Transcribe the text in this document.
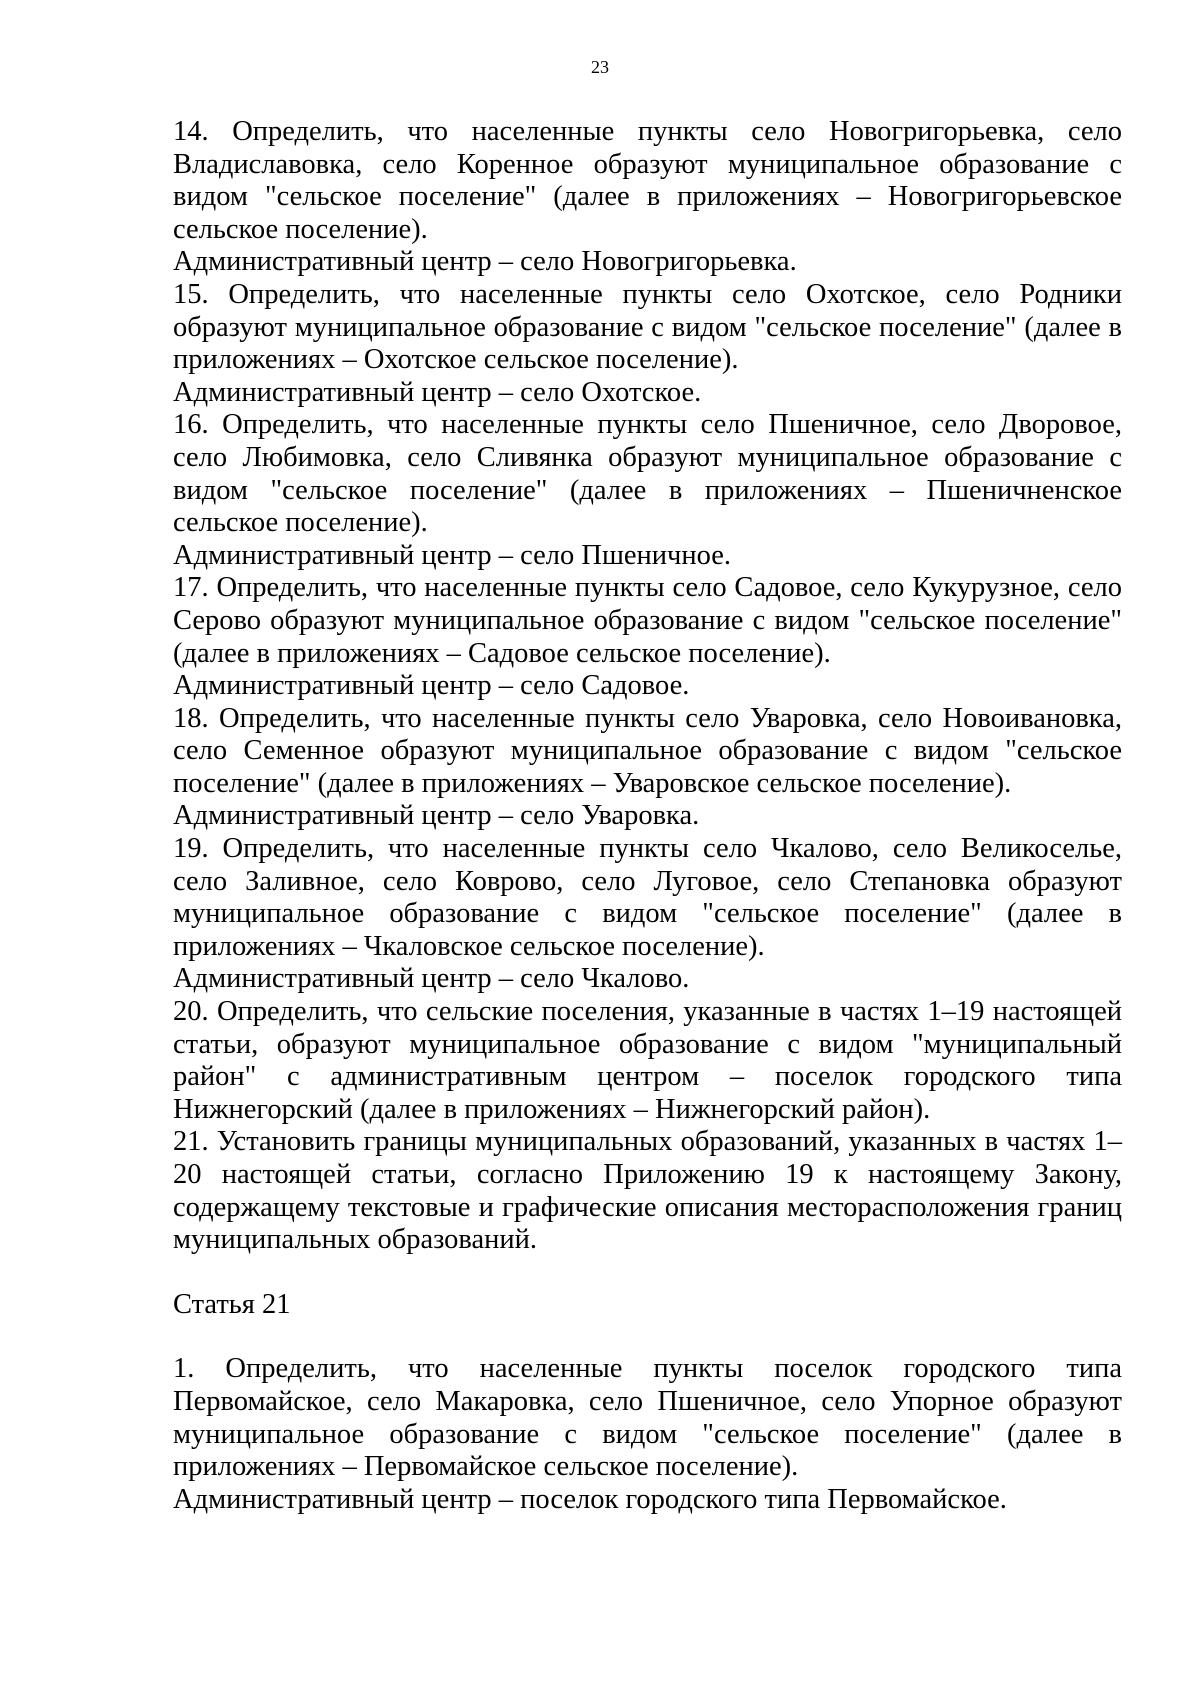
23

14. Определить, что населенные пункты село Новогригорьевка, село Владиславовка, село Коренное образуют муниципальное образование с видом "сельское поселение" (далее в приложениях – Новогригорьевское сельское поселение).

Административный центр – село Новогригорьевка.

15. Определить, что населенные пункты село Охотское, село Родники образуют муниципальное образование с видом "сельское поселение" (далее в приложениях – Охотское сельское поселение).

Административный центр – село Охотское.

16. Определить, что населенные пункты село Пшеничное, село Дворовое, село Любимовка, село Сливянка образуют муниципальное образование с видом "сельское поселение" (далее в приложениях – Пшеничненское сельское поселение).

Административный центр – село Пшеничное.

17. Определить, что населенные пункты село Садовое, село Кукурузное, село Серово образуют муниципальное образование с видом "сельское поселение" (далее в приложениях – Садовое сельское поселение).

Административный центр – село Садовое.

18. Определить, что населенные пункты село Уваровка, село Новоивановка, село Семенное образуют муниципальное образование с видом "сельское поселение" (далее в приложениях – Уваровское сельское поселение).

Административный центр – село Уваровка.

19. Определить, что населенные пункты село Чкалово, село Великоселье, село Заливное, село Коврово, село Луговое, село Степановка образуют муниципальное образование с видом "сельское поселение" (далее в приложениях – Чкаловское сельское поселение).

Административный центр – село Чкалово.

20. Определить, что сельские поселения, указанные в частях 1–19 настоящей статьи, образуют муниципальное образование с видом "муниципальный район" с административным центром – поселок городского типа Нижнегорский (далее в приложениях – Нижнегорский район).

21. Установить границы муниципальных образований, указанных в частях 1–20 настоящей статьи, согласно Приложению 19 к настоящему Закону, содержащему текстовые и графические описания месторасположения границ муниципальных образований.

Статья 21

1. Определить, что населенные пункты поселок городского типа Первомайское, село Макаровка, село Пшеничное, село Упорное образуют муниципальное образование с видом "сельское поселение" (далее в приложениях – Первомайское сельское поселение).

Административный центр – поселок городского типа Первомайское.
